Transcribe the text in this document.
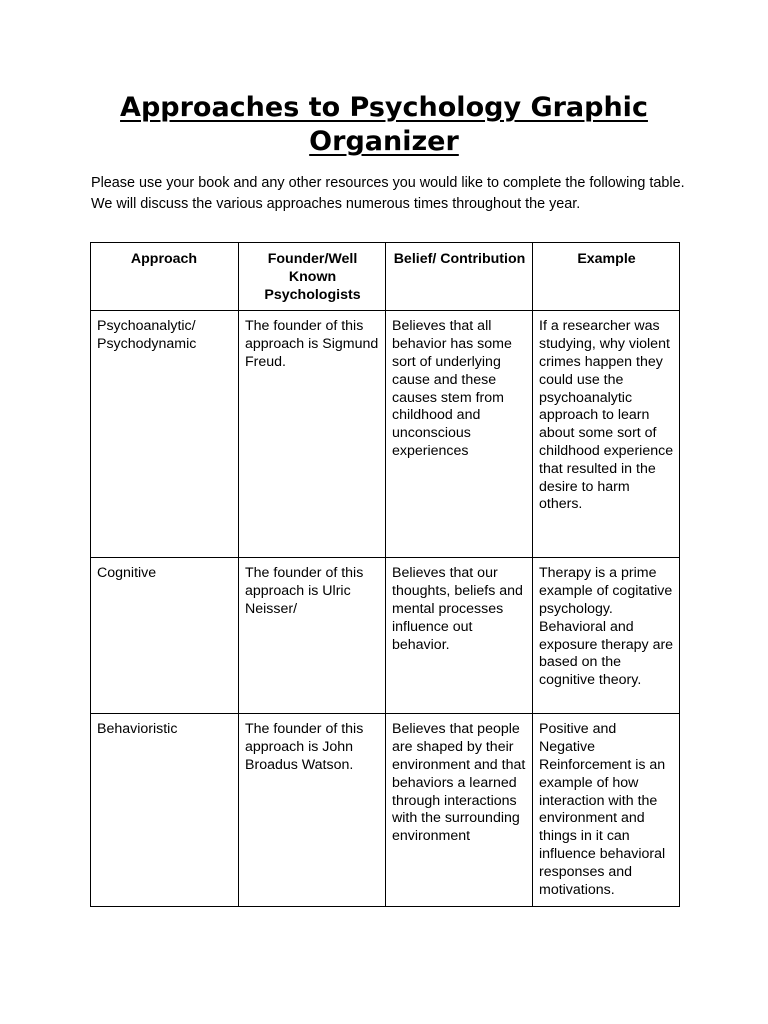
Approaches to Psychology Graphic Organizer

Please use your book and any other resources you would like to complete the following table. We will discuss the various approaches numerous times throughout the year.

Approach	Founder/Well Known Psychologists	Belief/ Contribution	Example
Psychoanalytic/ Psychodynamic	The founder of this approach is Sigmund Freud.	Believes that all behavior has some sort of underlying cause and these causes stem from childhood and unconscious experiences	If a researcher was studying, why violent crimes happen they could use the psychoanalytic approach to learn about some sort of childhood experience that resulted in the desire to harm others.
Cognitive	The founder of this approach is Ulric Neisser/	Believes that our thoughts, beliefs and mental processes influence out behavior.	Therapy is a prime example of cogitative psychology. Behavioral and exposure therapy are based on the cognitive theory.
Behavioristic	The founder of this approach is John Broadus Watson.	Believes that people are shaped by their environment and that behaviors a learned through interactions with the surrounding environment	Positive and Negative Reinforcement is an example of how interaction with the environment and things in it can influence behavioral responses and motivations.
